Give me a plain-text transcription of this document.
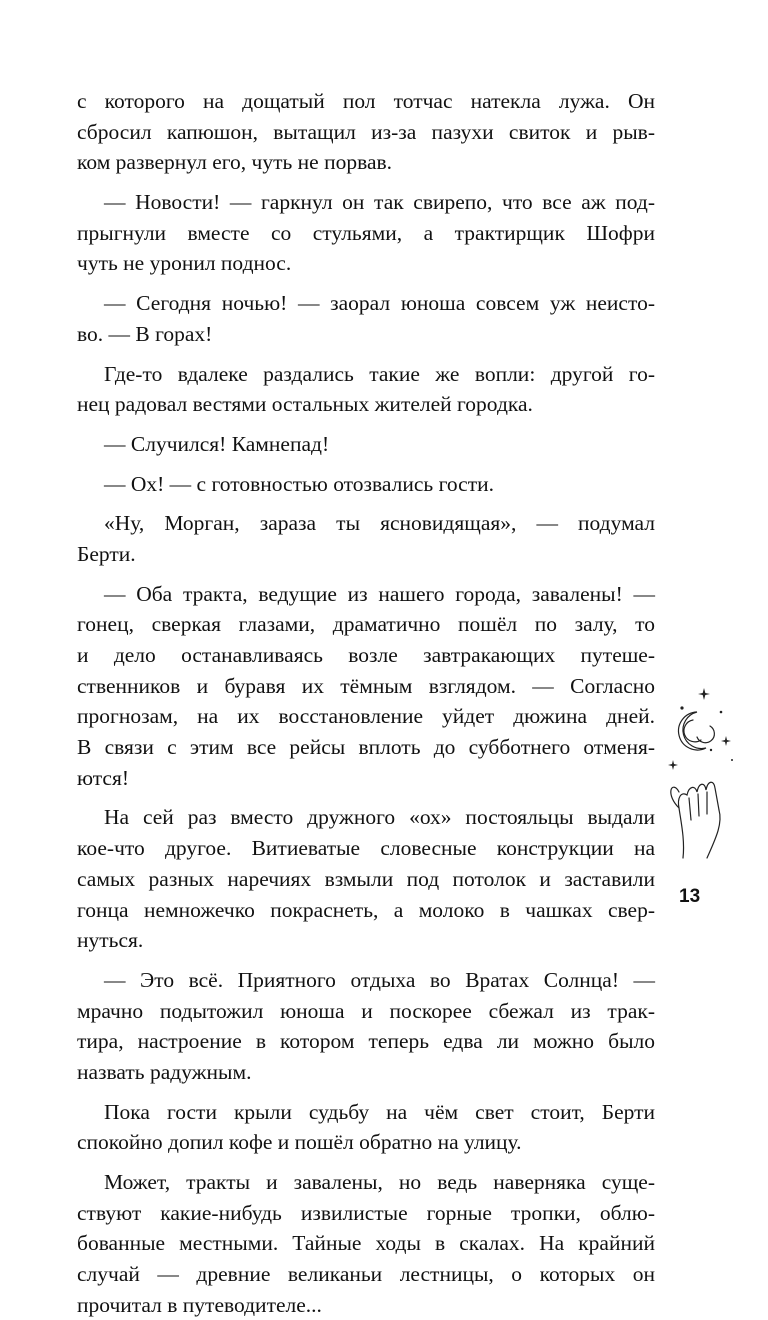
с которого на дощатый пол тотчас натекла лужа. Он
сбросил капюшон, вытащил из-за пазухи свиток и рыв-
ком развернул его, чуть не порвав.
— Новости! — гаркнул он так свирепо, что все аж под-
прыгнули вместе со стульями, а трактирщик Шофри
чуть не уронил поднос.
— Сегодня ночью! — заорал юноша совсем уж неисто-
во. — В горах!
Где-то вдалеке раздались такие же вопли: другой го-
нец радовал вестями остальных жителей городка.
— Случился! Камнепад!
— Ох! — с готовностью отозвались гости.
«Ну, Морган, зараза ты ясновидящая», — подумал
Берти.
— Оба тракта, ведущие из нашего города, завалены! —
гонец, сверкая глазами, драматично пошёл по залу, то
и дело останавливаясь возле завтракающих путеше-
ственников и буравя их тёмным взглядом. — Согласно
прогнозам, на их восстановление уйдет дюжина дней.
В связи с этим все рейсы вплоть до субботнего отменя-
ются!
На сей раз вместо дружного «ох» постояльцы выдали
кое-что другое. Витиеватые словесные конструкции на
самых разных наречиях взмыли под потолок и заставили
гонца немножечко покраснеть, а молоко в чашках свер-
нуться.
— Это всё. Приятного отдыха во Вратах Солнца! —
мрачно подытожил юноша и поскорее сбежал из трак-
тира, настроение в котором теперь едва ли можно было
назвать радужным.
Пока гости крыли судьбу на чём свет стоит, Берти
спокойно допил кофе и пошёл обратно на улицу.
Может, тракты и завалены, но ведь наверняка суще-
ствуют какие-нибудь извилистые горные тропки, облю-
бованные местными. Тайные ходы в скалах. На крайний
случай — древние великаньи лестницы, о которых он
прочитал в путеводителе...
13
